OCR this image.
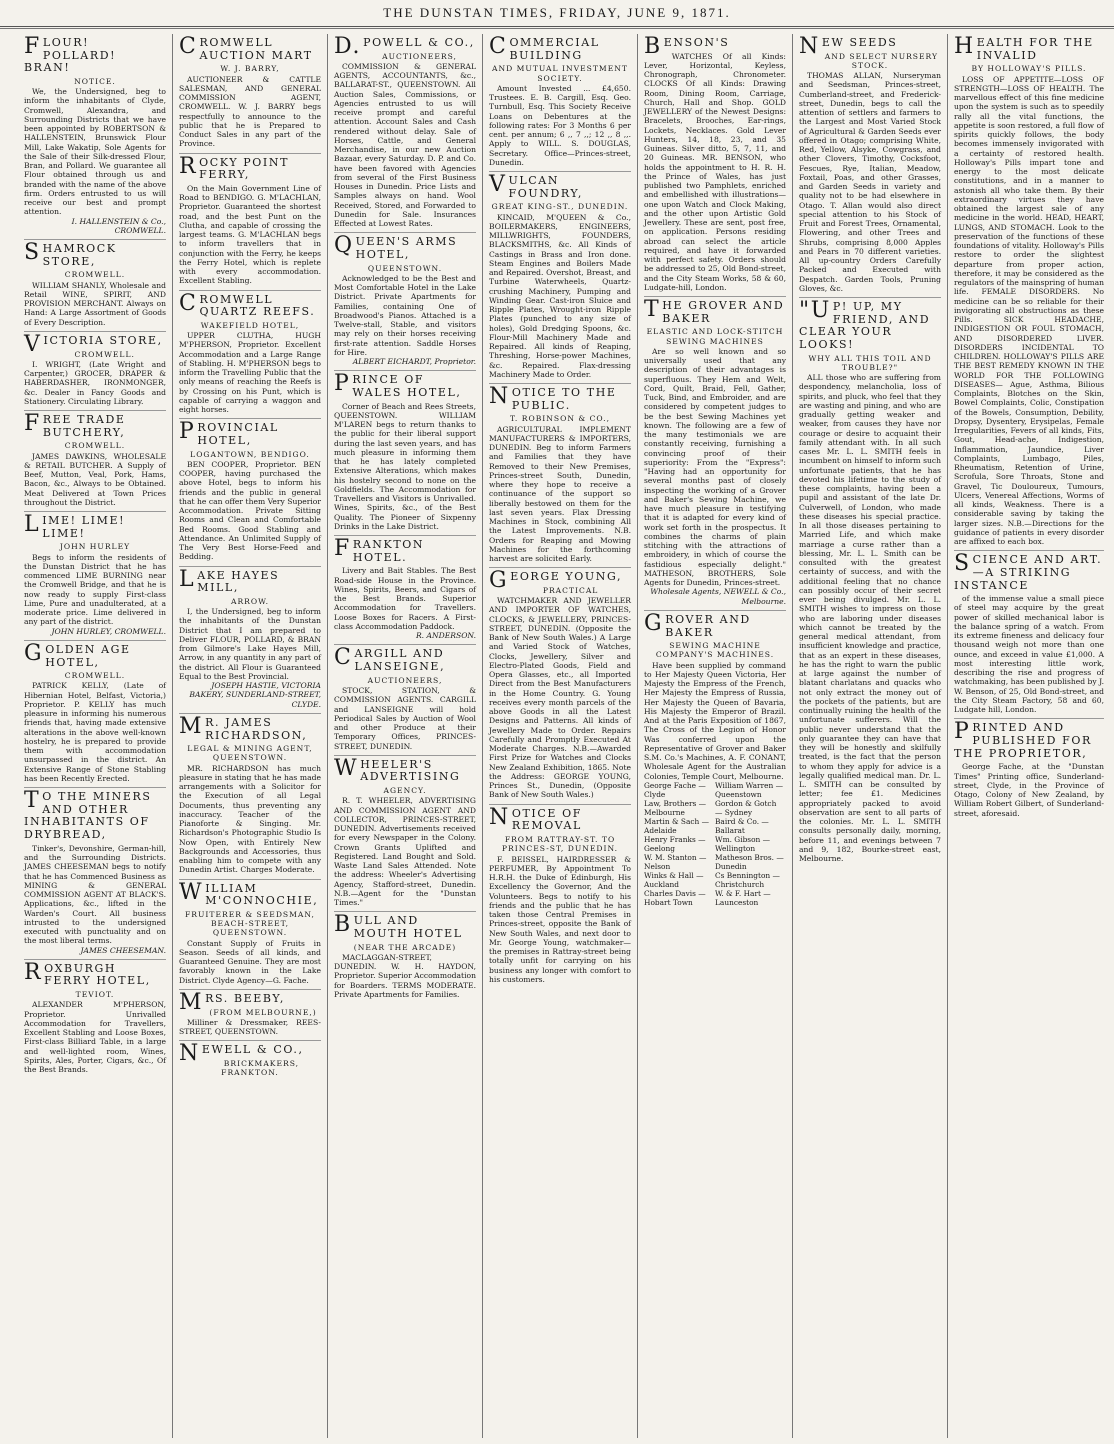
THE DUNSTAN TIMES, FRIDAY, JUNE 9, 1871.
FLOUR! POLLARD! BRAN!
NOTICE.
We, the Undersigned, beg to inform the inhabitants of Clyde, Cromwell, Alexandra, and Surrounding Districts that we have been appointed by ROBERTSON & HALLENSTEIN, Brunswick Flour Mill, Lake Wakatip, Sole Agents for the Sale of their Silk-dressed Flour, Bran, and Pollard. We guarantee all Flour obtained through us and branded with the name of the above firm. Orders entrusted to us will receive our best and prompt attention.
I. HALLENSTEIN & Co., CROMWELL.
SHAMROCK STORE,
CROMWELL.
WILLIAM SHANLY, Wholesale and Retail WINE, SPIRIT, AND PROVISION MERCHANT. Always on Hand: A Large Assortment of Goods of Every Description.
VICTORIA STORE,
CROMWELL.
I. WRIGHT, (Late Wright and Carpenter,) GROCER, DRAPER & HABERDASHER, IRONMONGER, &c. Dealer in Fancy Goods and Stationery. Circulating Library.
FREE TRADE BUTCHERY,
CROMWELL.
JAMES DAWKINS, WHOLESALE & RETAIL BUTCHER. A Supply of Beef, Mutton, Veal, Pork, Hams, Bacon, &c., Always to be Obtained. Meat Delivered at Town Prices throughout the District.
LIME! LIME! LIME!
JOHN HURLEY
Begs to inform the residents of the Dunstan District that he has commenced LIME BURNING near the Cromwell Bridge, and that he is now ready to supply First-class Lime, Pure and unadulterated, at a moderate price. Lime delivered in any part of the district.
JOHN HURLEY, CROMWELL.
GOLDEN AGE HOTEL,
CROMWELL.
PATRICK KELLY, (Late of Hibernian Hotel, Belfast, Victoria,) Proprietor. P. KELLY has much pleasure in informing his numerous friends that, having made extensive alterations in the above well-known hostelry, he is prepared to provide them with accommodation unsurpassed in the district. An Extensive Range of Stone Stabling has been Recently Erected.
TO THE MINERS AND OTHER INHABITANTS OF DRYBREAD,
Tinker's, Devonshire, German-hill, and the Surrounding Districts. JAMES CHEESEMAN begs to notify that he has Commenced Business as MINING & GENERAL COMMISSION AGENT AT BLACK'S. Applications, &c., lifted in the Warden's Court. All business intrusted to the undersigned executed with punctuality and on the most liberal terms.
JAMES CHEESEMAN.
ROXBURGH FERRY HOTEL,
TEVIOT.
ALEXANDER M'PHERSON, Proprietor. Unrivalled Accommodation for Travellers, Excellent Stabling and Loose Boxes, First-class Billiard Table, in a large and well-lighted room, Wines, Spirits, Ales, Porter, Cigars, &c., Of the Best Brands.
CROMWELL AUCTION MART
W. J. BARRY,
AUCTIONEER & CATTLE SALESMAN, AND GENERAL COMMISSION AGENT, CROMWELL. W. J. BARRY begs respectfully to announce to the public that he is Prepared to Conduct Sales in any part of the Province.
ROCKY POINT FERRY,
On the Main Government Line of Road to BENDIGO. G. M'LACHLAN, Proprietor. Guaranteed the shortest road, and the best Punt on the Clutha, and capable of crossing the largest teams. G. M'LACHLAN begs to inform travellers that in conjunction with the Ferry, he keeps the Ferry Hotel, which is replete with every accommodation. Excellent Stabling.
CROMWELL QUARTZ REEFS.
WAKEFIELD HOTEL,
UPPER CLUTHA, HUGH M'PHERSON, Proprietor. Excellent Accommodation and a Large Range of Stabling. H. M'PHERSON begs to inform the Travelling Public that the only means of reaching the Reefs is by Crossing on his Punt, which is capable of carrying a waggon and eight horses.
PROVINCIAL HOTEL,
LOGANTOWN, BENDIGO.
BEN COOPER, Proprietor. BEN COOPER, having purchased the above Hotel, begs to inform his friends and the public in general that he can offer them Very Superior Accommodation. Private Sitting Rooms and Clean and Comfortable Bed Rooms. Good Stabling and Attendance. An Unlimited Supply of The Very Best Horse-Feed and Bedding.
LAKE HAYES MILL,
ARROW.
I, the Undersigned, beg to inform the inhabitants of the Dunstan District that I am prepared to Deliver FLOUR, POLLARD, & BRAN from Gilmore's Lake Hayes Mill, Arrow, in any quantity in any part of the district. All Flour is Guaranteed Equal to the Best Provincial.
JOSEPH HASTIE, VICTORIA BAKERY, SUNDERLAND-STREET, CLYDE.
MR. JAMES RICHARDSON,
LEGAL & MINING AGENT, QUEENSTOWN.
MR. RICHARDSON has much pleasure in stating that he has made arrangements with a Solicitor for the Execution of all Legal Documents, thus preventing any inaccuracy. Teacher of the Pianoforte & Singing. Mr. Richardson's Photographic Studio Is Now Open, with Entirely New Backgrounds and Accessories, thus enabling him to compete with any Dunedin Artist. Charges Moderate.
WILLIAM M'CONNOCHIE,
FRUITERER & SEEDSMAN, BEACH-STREET, QUEENSTOWN.
Constant Supply of Fruits in Season. Seeds of all kinds, and Guaranteed Genuine. They are most favorably known in the Lake District. Clyde Agency—G. Fache.
MRS. BEEBY,
(FROM MELBOURNE,)
Milliner & Dressmaker, REES-STREET, QUEENSTOWN.
NEWELL & CO.,
BRICKMAKERS, FRANKTON.
D.POWELL & CO.,
AUCTIONEERS,
COMMISSION & GENERAL AGENTS, ACCOUNTANTS, &c., BALLARAT-ST., QUEENSTOWN. All Auction Sales, Commissions, or Agencies entrusted to us will receive prompt and careful attention. Account Sales and Cash rendered without delay. Sale of Horses, Cattle, and General Merchandise, in our new Auction Bazaar, every Saturday. D. P. and Co. have been favored with Agencies from several of the First Business Houses in Dunedin. Price Lists and Samples always on hand. Wool Received, Stored, and Forwarded to Dunedin for Sale. Insurances Effected at Lowest Rates.
QUEEN'S ARMS HOTEL,
QUEENSTOWN.
Acknowledged to be the Best and Most Comfortable Hotel in the Lake District. Private Apartments for Families, containing One of Broadwood's Pianos. Attached is a Twelve-stall, Stable, and visitors may rely on their horses receiving first-rate attention. Saddle Horses for Hire.
ALBERT EICHARDT, Proprietor.
PRINCE OF WALES HOTEL,
Corner of Beach and Rees Streets, QUEENSTOWN. WILLIAM M'LAREN begs to return thanks to the public for their liberal support during the last seven years, and has much pleasure in informing them that he has lately completed Extensive Alterations, which makes his hostelry second to none on the Goldfields. The Accommodation for Travellers and Visitors is Unrivalled. Wines, Spirits, &c., of the Best Quality. The Pioneer of Sixpenny Drinks in the Lake District.
FRANKTON HOTEL.
Livery and Bait Stables. The Best Road-side House in the Province. Wines, Spirits, Beers, and Cigars of the Best Brands. Superior Accommodation for Travellers. Loose Boxes for Racers. A First-class Accommodation Paddock.
R. ANDERSON.
CARGILL AND LANSEIGNE,
AUCTIONEERS,
STOCK, STATION, & COMMISSION AGENTS. CARGILL and LANSEIGNE will hold Periodical Sales by Auction of Wool and other Produce at their Temporary Offices, PRINCES-STREET, DUNEDIN.
WHEELER'S ADVERTISING
AGENCY.
R. T. WHEELER, ADVERTISING AND COMMISSION AGENT AND COLLECTOR, PRINCES-STREET, DUNEDIN. Advertisements received for every Newspaper in the Colony. Crown Grants Uplifted and Registered. Land Bought and Sold. Waste Land Sales Attended. Note the address: Wheeler's Advertising Agency, Stafford-street, Dunedin. N.B.—Agent for the "Dunstan Times."
BULL AND MOUTH HOTEL
(NEAR THE ARCADE)
MACLAGGAN-STREET, DUNEDIN. W. H. HAYDON, Proprietor. Superior Accommodation for Boarders. TERMS MODERATE. Private Apartments for Families.
COMMERCIAL BUILDING
AND MUTUAL INVESTMENT SOCIETY.
Amount Invested ... £4,650. Trustees. E. B. Cargill, Esq. Geo. Turnbull, Esq. This Society Receive Loans on Debentures at the following rates: For 3 Months 6 per cent. per annum; 6 ,, 7 ,,; 12 ,, 8 ,,. Apply to WILL. S. DOUGLAS, Secretary. Office—Princes-street, Dunedin.
VULCAN FOUNDRY,
GREAT KING-ST., DUNEDIN.
KINCAID, M'QUEEN & Co., BOILERMAKERS, ENGINEERS, MILLWRIGHTS, FOUNDERS, BLACKSMITHS, &c. All Kinds of Castings in Brass and Iron done. Steam Engines and Boilers Made and Repaired. Overshot, Breast, and Turbine Waterwheels, Quartz-crushing Machinery, Pumping and Winding Gear. Cast-iron Sluice and Ripple Plates, Wrought-iron Ripple Plates (punched to any size of holes), Gold Dredging Spoons, &c. Flour-Mill Machinery Made and Repaired. All kinds of Reaping, Threshing, Horse-power Machines, &c. Repaired. Flax-dressing Machinery Made to Order.
NOTICE TO THE PUBLIC.
T. ROBINSON & CO.,
AGRICULTURAL IMPLEMENT MANUFACTURERS & IMPORTERS, DUNEDIN. Beg to inform Farmers and Families that they have Removed to their New Premises, Princes-street South, Dunedin, where they hope to receive a continuance of the support so liberally bestowed on them for the last seven years. Flax Dressing Machines in Stock, combining All the Latest Improvements. N.B. Orders for Reaping and Mowing Machines for the forthcoming harvest are solicited Early.
GEORGE YOUNG,
PRACTICAL
WATCHMAKER AND JEWELLER AND IMPORTER OF WATCHES, CLOCKS, & JEWELLERY, PRINCES-STREET, DUNEDIN. (Opposite the Bank of New South Wales.) A Large and Varied Stock of Watches, Clocks, Jewellery, Silver and Electro-Plated Goods, Field and Opera Glasses, etc., all Imported Direct from the Best Manufacturers in the Home Country. G. Young receives every month parcels of the above Goods in all the Latest Designs and Patterns. All kinds of Jewellery Made to Order. Repairs Carefully and Promptly Executed At Moderate Charges. N.B.—Awarded First Prize for Watches and Clocks New Zealand Exhibition, 1865. Note the Address: GEORGE YOUNG, Princes St., Dunedin, (Opposite Bank of New South Wales.)
NOTICE OF REMOVAL
FROM RATTRAY-ST. TO PRINCES-ST, DUNEDIN.
F. BEISSEL, HAIRDRESSER & PERFUMER, By Appointment To H.R.H. the Duke of Edinburgh, His Excellency the Governor, And the Volunteers. Begs to notify to his friends and the public that he has taken those Central Premises in Princes-street, opposite the Bank of New South Wales, and next door to Mr. George Young, watchmaker—the premises in Rattray-street being totally unfit for carrying on his business any longer with comfort to his customers.
BENSON'S
WATCHES Of all Kinds: Lever, Horizontal, Keyless, Chronograph, Chronometer. CLOCKS Of all Kinds: Drawing Room, Dining Room, Carriage, Church, Hall and Shop. GOLD JEWELLERY of the Newest Designs: Bracelets, Brooches, Ear-rings, Lockets, Necklaces. Gold Lever Hunters, 14, 18, 23, and 35 Guineas. Silver ditto, 5, 7, 11, and 20 Guineas. MR. BENSON, who holds the appointment to H. R. H. the Prince of Wales, has just published two Pamphlets, enriched and embellished with illustrations—one upon Watch and Clock Making, and the other upon Artistic Gold Jewellery. These are sent, post free, on application. Persons residing abroad can select the article required, and have it forwarded with perfect safety. Orders should be addressed to 25, Old Bond-street, and the City Steam Works, 58 & 60, Ludgate-hill, London.
THE GROVER AND BAKER
ELASTIC AND LOCK-STITCH SEWING MACHINES
Are so well known and so universally used that any description of their advantages is superfluous. They Hem and Welt, Cord, Quilt, Braid, Fell, Gather, Tuck, Bind, and Embroider, and are considered by competent judges to be the best Sewing Machines yet known. The following are a few of the many testimonials we are constantly receiving, furnishing a convincing proof of their superiority: From the "Express": "Having had an opportunity for several months past of closely inspecting the working of a Grover and Baker's Sewing Machine, we have much pleasure in testifying that it is adapted for every kind of work set forth in the prospectus. It combines the charms of plain stitching with the attractions of embroidery, in which of course the fastidious especially delight." MATHESON, BROTHERS, Sole Agents for Dunedin, Princes-street.
Wholesale Agents, NEWELL & Co., Melbourne.
GROVER AND BAKER
SEWING MACHINE COMPANY'S MACHINES.
Have been supplied by command to Her Majesty Queen Victoria, Her Majesty the Empress of the French, Her Majesty the Empress of Russia, Her Majesty the Queen of Bavaria, His Majesty the Emperor of Brazil. And at the Paris Exposition of 1867, The Cross of the Legion of Honor Was conferred upon the Representative of Grover and Baker S.M. Co.'s Machines, A. F. CONANT, Wholesale Agent for the Australian Colonies, Temple Court, Melbourne.
George Fache — Clyde
William Warren — Queenstown
Law, Brothers — Melbourne
Gordon & Gotch — Sydney
Martin & Sach — Adelaide
Baird & Co. — Ballarat
Henry Franks — Geelong
Wm. Gibson — Wellington
W. M. Stanton — Nelson
Matheson Bros. — Dunedin
Winks & Hall — Auckland
Cs Bennington — Christchurch
Charles Davis — Hobart Town
W. & F. Hart — Launceston
NEW SEEDS
AND SELECT NURSERY STOCK.
THOMAS ALLAN, Nurseryman and Seedsman, Princes-street, Cumberland-street, and Frederick-street, Dunedin, begs to call the attention of settlers and farmers to the Largest and Most Varied Stock of Agricultural & Garden Seeds ever offered in Otago; comprising White, Red, Yellow, Alsyke, Cowgrass, and other Clovers, Timothy, Cocksfoot, Fescues, Rye, Italian, Meadow, Foxtail, Poas, and other Grasses, and Garden Seeds in variety and quality not to be had elsewhere in Otago. T. Allan would also direct special attention to his Stock of Fruit and Forest Trees, Ornamental, Flowering, and other Trees and Shrubs, comprising 8,000 Apples and Pears in 70 different varieties. All up-country Orders Carefully Packed and Executed with Despatch. Garden Tools, Pruning Gloves, &c.
"UP! UP, MY FRIEND, AND CLEAR YOUR LOOKS!
WHY ALL THIS TOIL AND TROUBLE?"
ALL those who are suffering from despondency, melancholia, loss of spirits, and pluck, who feel that they are wasting and pining, and who are gradually getting weaker and weaker, from causes they have nor courage or desire to acquaint their family attendant with. In all such cases Mr. L. L. SMITH feels in incumbent on himself to inform such unfortunate patients, that he has devoted his lifetime to the study of these complaints, having been a pupil and assistant of the late Dr. Culverwell, of London, who made these diseases his special practice. In all those diseases pertaining to Married Life, and which make marriage a curse rather than a blessing, Mr. L. L. Smith can be consulted with the greatest certainty of success, and with the additional feeling that no chance can possibly occur of their secret ever being divulged. Mr. L. L. SMITH wishes to impress on those who are laboring under diseases which cannot be treated by the general medical attendant, from insufficient knowledge and practice, that as an expert in these diseases, he has the right to warn the public at large against the number of blatant charlatans and quacks who not only extract the money out of the pockets of the patients, but are continually ruining the health of the unfortunate sufferers. Will the public never understand that the only guarantee they can have that they will be honestly and skilfully treated, is the fact that the person to whom they apply for advice is a legally qualified medical man. Dr. L. L. SMITH can be consulted by letter; fee £1. Medicines appropriately packed to avoid observation are sent to all parts of the colonies. Mr. L. L. SMITH consults personally daily, morning, before 11, and evenings between 7 and 9, 182, Bourke-street east, Melbourne.
HEALTH FOR THE INVALID
BY HOLLOWAY'S PILLS.
LOSS OF APPETITE—LOSS OF STRENGTH—LOSS OF HEALTH. The marvellous effect of this fine medicine upon the system is such as to speedily rally all the vital functions, the appetite is soon restored, a full flow of spirits quickly follows, the body becomes immensely invigorated with a certainty of restored health. Holloway's Pills impart tone and energy to the most delicate constitutions, and in a manner to astonish all who take them. By their extraordinary virtues they have obtained the largest sale of any medicine in the world. HEAD, HEART, LUNGS, AND STOMACH. Look to the preservation of the functions of these foundations of vitality. Holloway's Pills restore to order the slightest departure from proper action, therefore, it may be considered as the regulators of the mainspring of human life. FEMALE DISORDERS. No medicine can be so reliable for their invigorating all obstructions as these Pills. SICK HEADACHE, INDIGESTION OR FOUL STOMACH, AND DISORDERED LIVER. DISORDERS INCIDENTAL TO CHILDREN. HOLLOWAY'S PILLS ARE THE BEST REMEDY KNOWN IN THE WORLD FOR THE FOLLOWING DISEASES— Ague, Asthma, Bilious Complaints, Blotches on the Skin, Bowel Complaints, Colic, Constipation of the Bowels, Consumption, Debility, Dropsy, Dysentery, Erysipelas, Female Irregularities, Fevers of all kinds, Fits, Gout, Head-ache, Indigestion, Inflammation, Jaundice, Liver Complaints, Lumbago, Piles, Rheumatism, Retention of Urine, Scrofula, Sore Throats, Stone and Gravel, Tic Douloureux, Tumours, Ulcers, Venereal Affections, Worms of all kinds, Weakness. There is a considerable saving by taking the larger sizes. N.B.—Directions for the guidance of patients in every disorder are affixed to each box.
SCIENCE AND ART.—A STRIKING INSTANCE
of the immense value a small piece of steel may acquire by the great power of skilled mechanical labor is the balance spring of a watch. From its extreme fineness and delicacy four thousand weigh not more than one ounce, and exceed in value £1,000. A most interesting little work, describing the rise and progress of watchmaking, has been published by J. W. Benson, of 25, Old Bond-street, and the City Steam Factory, 58 and 60, Ludgate hill, London.
PRINTED AND PUBLISHED FOR THE PROPRIETOR,
George Fache, at the "Dunstan Times" Printing office, Sunderland-street, Clyde, in the Province of Otago, Colony of New Zealand, by William Robert Gilbert, of Sunderland-street, aforesaid.
